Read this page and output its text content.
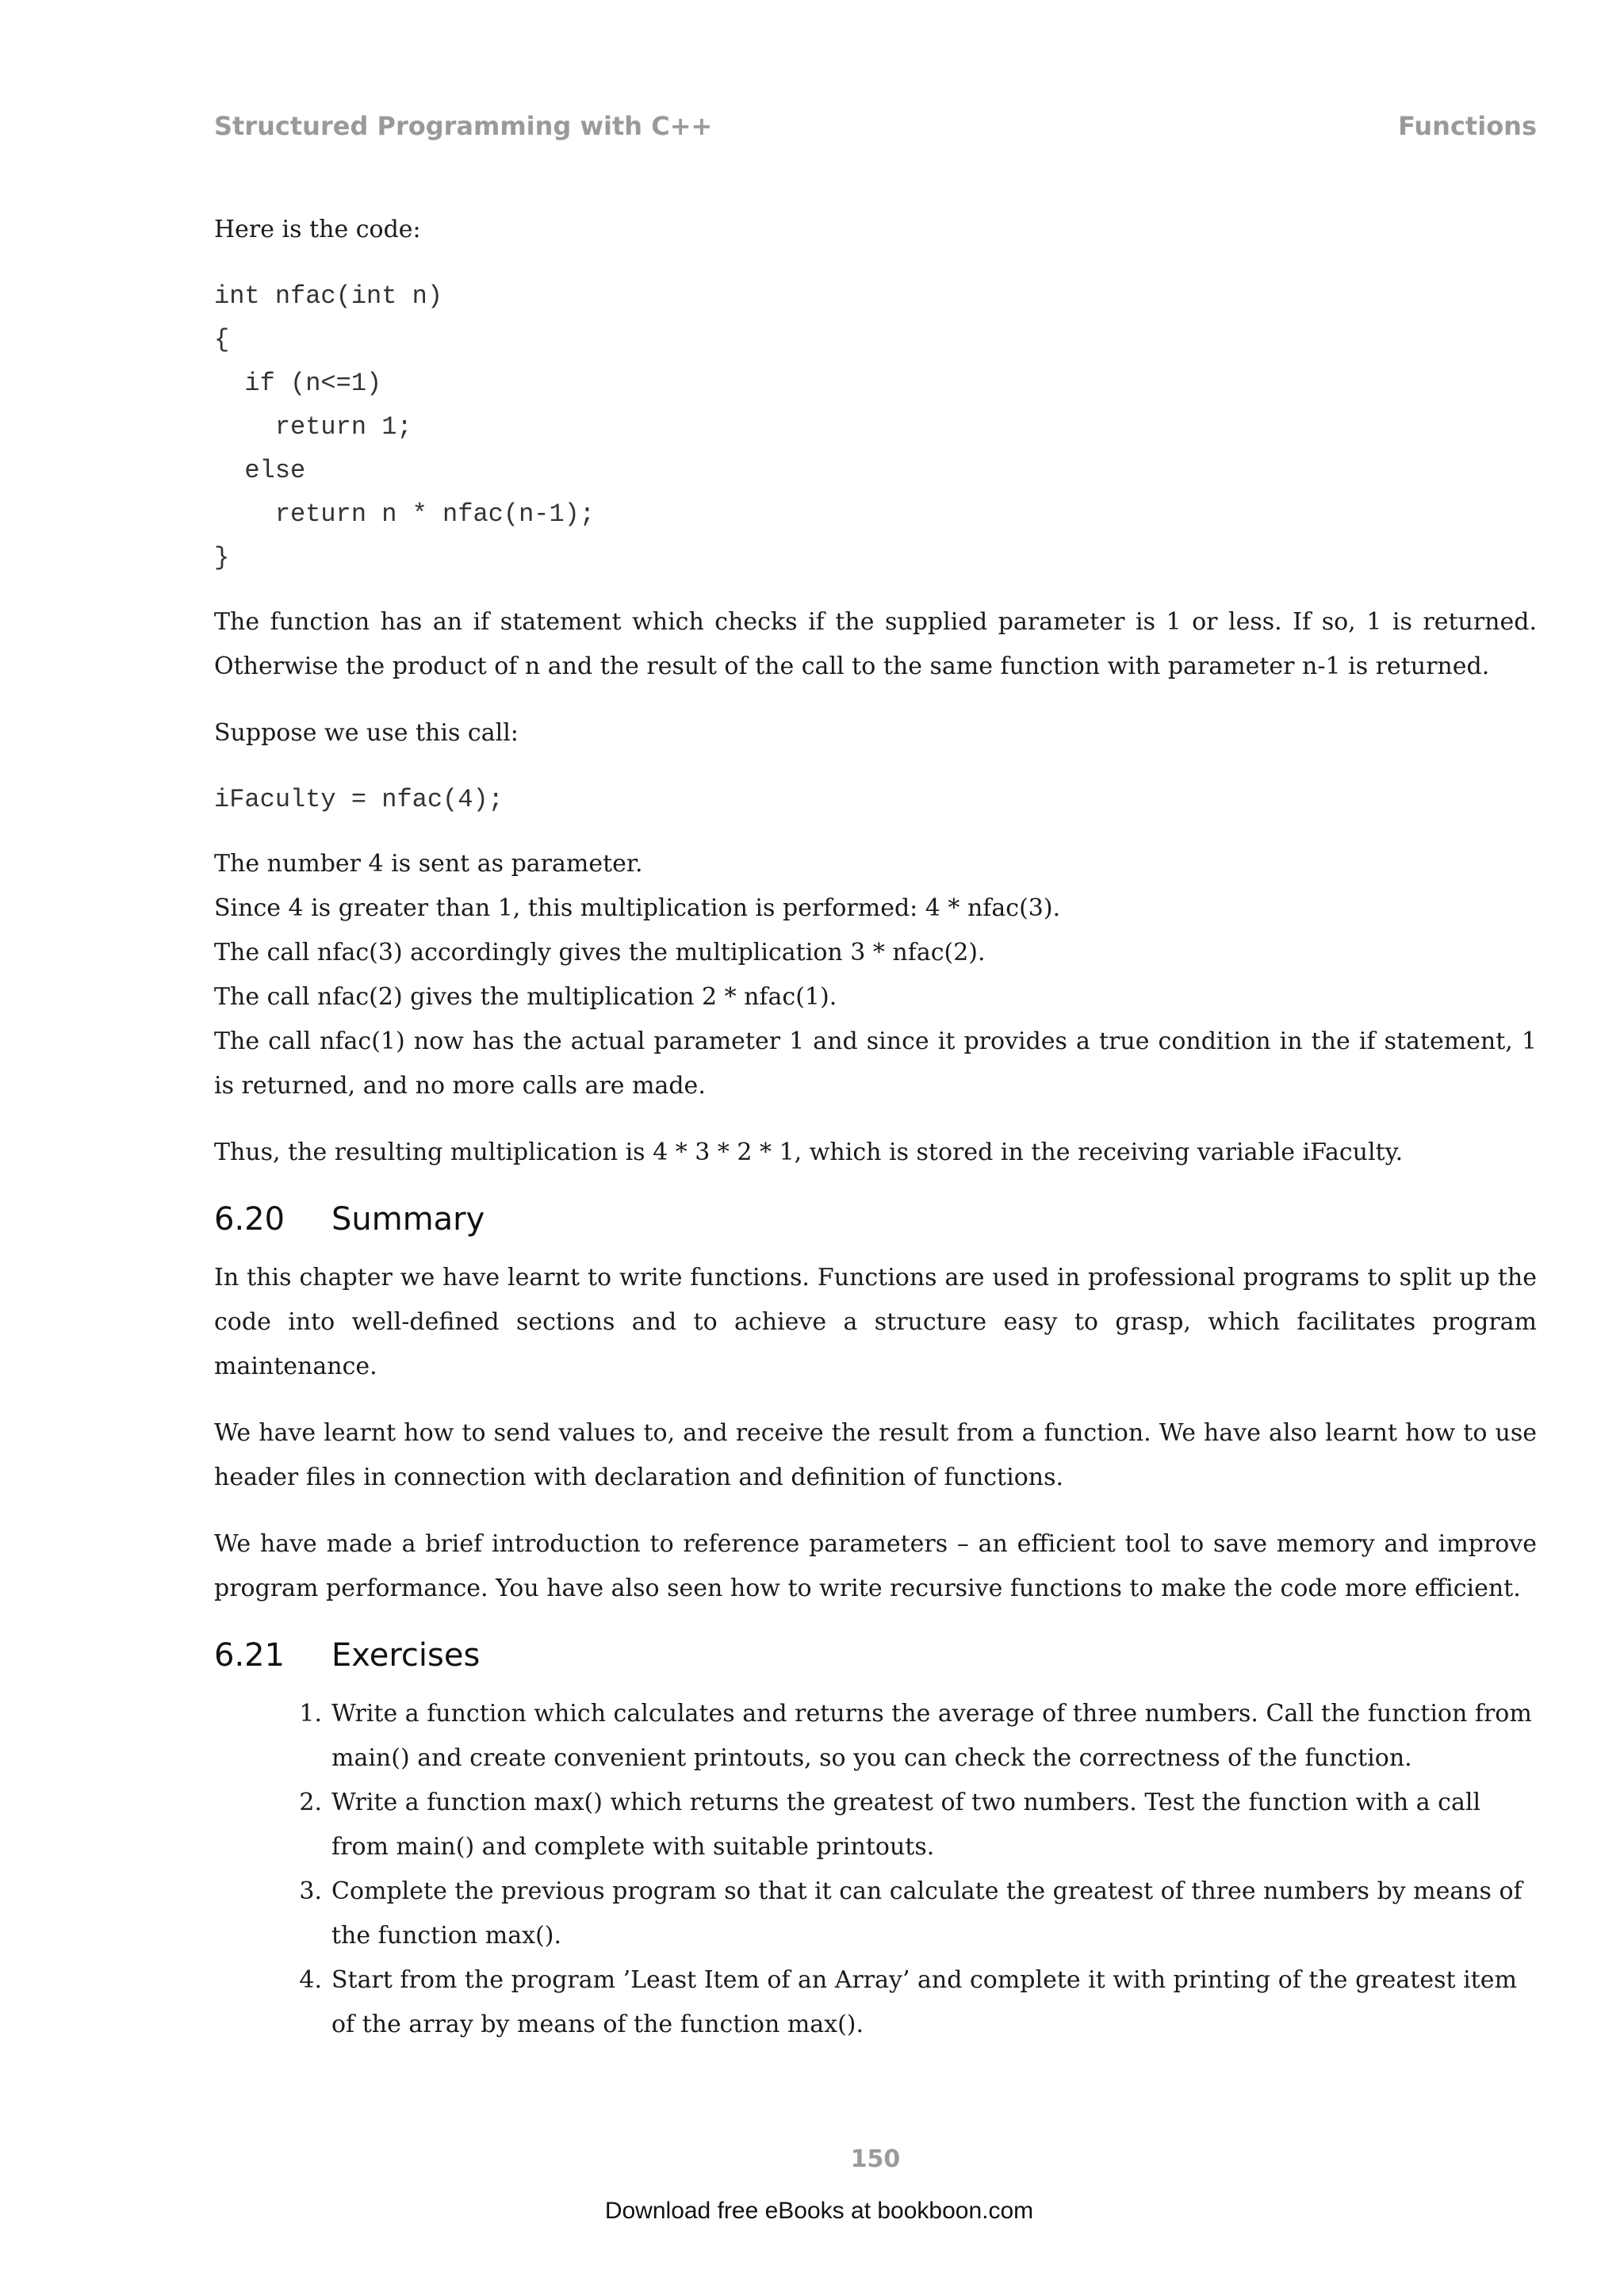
Structured Programming with C++	Functions

Here is the code:

int nfac(int n)
{
if (n<=1)
return 1;
else
return n * nfac(n-1);
}

The function has an if statement which checks if the supplied parameter is 1 or less. If so, 1 is returned. Otherwise the product of n and the result of the call to the same function with parameter n-1 is returned.

Suppose we use this call:

iFaculty = nfac(4);

The number 4 is sent as parameter.

Since 4 is greater than 1, this multiplication is performed: 4 * nfac(3).

The call nfac(3) accordingly gives the multiplication 3 * nfac(2).

The call nfac(2) gives the multiplication 2 * nfac(1).

The call nfac(1) now has the actual parameter 1 and since it provides a true condition in the if statement, 1 is returned, and no more calls are made.

Thus, the resulting multiplication is 4 * 3 * 2 * 1, which is stored in the receiving variable iFaculty.

6.20 Summary

In this chapter we have learnt to write functions. Functions are used in professional programs to split up the code into well-defined sections and to achieve a structure easy to grasp, which facilitates program maintenance.

We have learnt how to send values to, and receive the result from a function. We have also learnt how to use header files in connection with declaration and definition of functions.

We have made a brief introduction to reference parameters – an efficient tool to save memory and improve program performance. You have also seen how to write recursive functions to make the code more efficient.

6.21 Exercises
1. Write a function which calculates and returns the average of three numbers. Call the function from main() and create convenient printouts, so you can check the correctness of the function.
2. Write a function max() which returns the greatest of two numbers. Test the function with a call from main() and complete with suitable printouts.
3. Complete the previous program so that it can calculate the greatest of three numbers by means of the function max().
4. Start from the program ’Least Item of an Array’ and complete it with printing of the greatest item of the array by means of the function max().
150
Download free eBooks at bookboon.com
